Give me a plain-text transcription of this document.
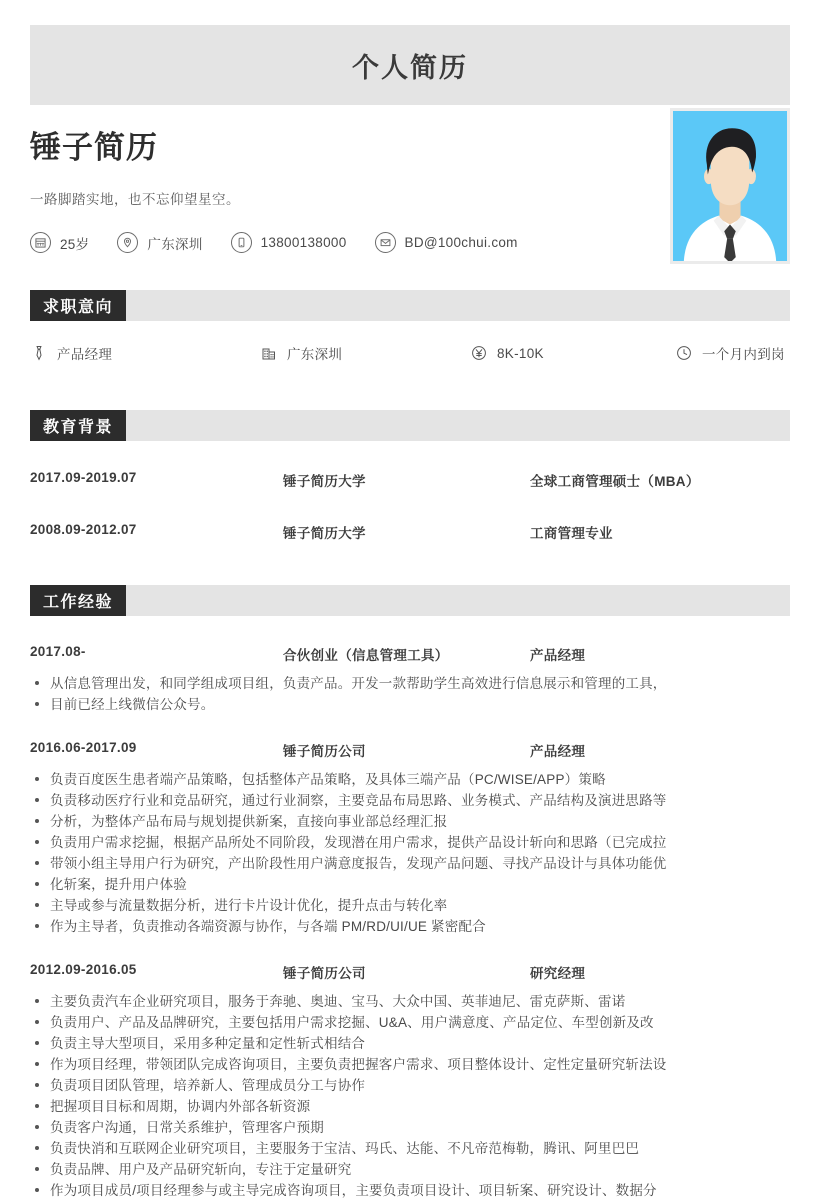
个人简历
锤子简历
一路脚踏实地，也不忘仰望星空。
25岁	广东深圳	13800138000	BD@100chui.com
求职意向
产品经理	广东深圳	8K-10K	一个月内到岗
教育背景
2017.09-2019.07	锤子简历大学	全球工商管理硕士（MBA）
2008.09-2012.07	锤子简历大学	工商管理专业
工作经验
2017.08-	合伙创业（信息管理工具）	产品经理
从信息管理出发，和同学组成项目组，负责产品。开发一款帮助学生高效进行信息展示和管理的工具，
目前已经上线微信公众号。
2016.06-2017.09	锤子简历公司	产品经理
负责百度医生患者端产品策略，包括整体产品策略，及具体三端产品（PC/WISE/APP）策略
负责移动医疗行业和竞品研究，通过行业洞察，主要竞品布局思路、业务模式、产品结构及演进思路等
分析，为整体产品布局与规划提供新案，直接向事业部总经理汇报
负责用户需求挖掘，根据产品所处不同阶段，发现潜在用户需求，提供产品设计斩向和思路（已完成拉
带领小组主导用户行为研究，产出阶段性用户满意度报告，发现产品问题、寻找产品设计与具体功能优
化斩案，提升用户体验
主导或参与流量数据分析，进行卡片设计优化，提升点击与转化率
作为主导者，负责推动各端资源与协作，与各端 PM/RD/UI/UE 紧密配合
2012.09-2016.05	锤子简历公司	研究经理
主要负责汽车企业研究项目，服务于奔驰、奥迪、宝马、大众中国、英菲迪尼、雷克萨斯、雷诺
负责用户、产品及品牌研究，主要包括用户需求挖掘、U&A、用户满意度、产品定位、车型创新及改
负责主导大型项目，采用多种定量和定性斩式相结合
作为项目经理，带领团队完成咨询项目，主要负责把握客户需求、项目整体设计、定性定量研究斩法设
负责项目团队管理，培养新人、管理成员分工与协作
把握项目目标和周期，协调内外部各斩资源
负责客户沟通，日常关系维护，管理客户预期
负责快消和互联网企业研究项目，主要服务于宝洁、玛氏、达能、不凡帝范梅勒，腾讯、阿里巴巴
负责品牌、用户及产品研究斩向，专注于定量研究
作为项目成员/项目经理参与或主导完成咨询项目，主要负责项目设计、项目斩案、研究设计、数据分
